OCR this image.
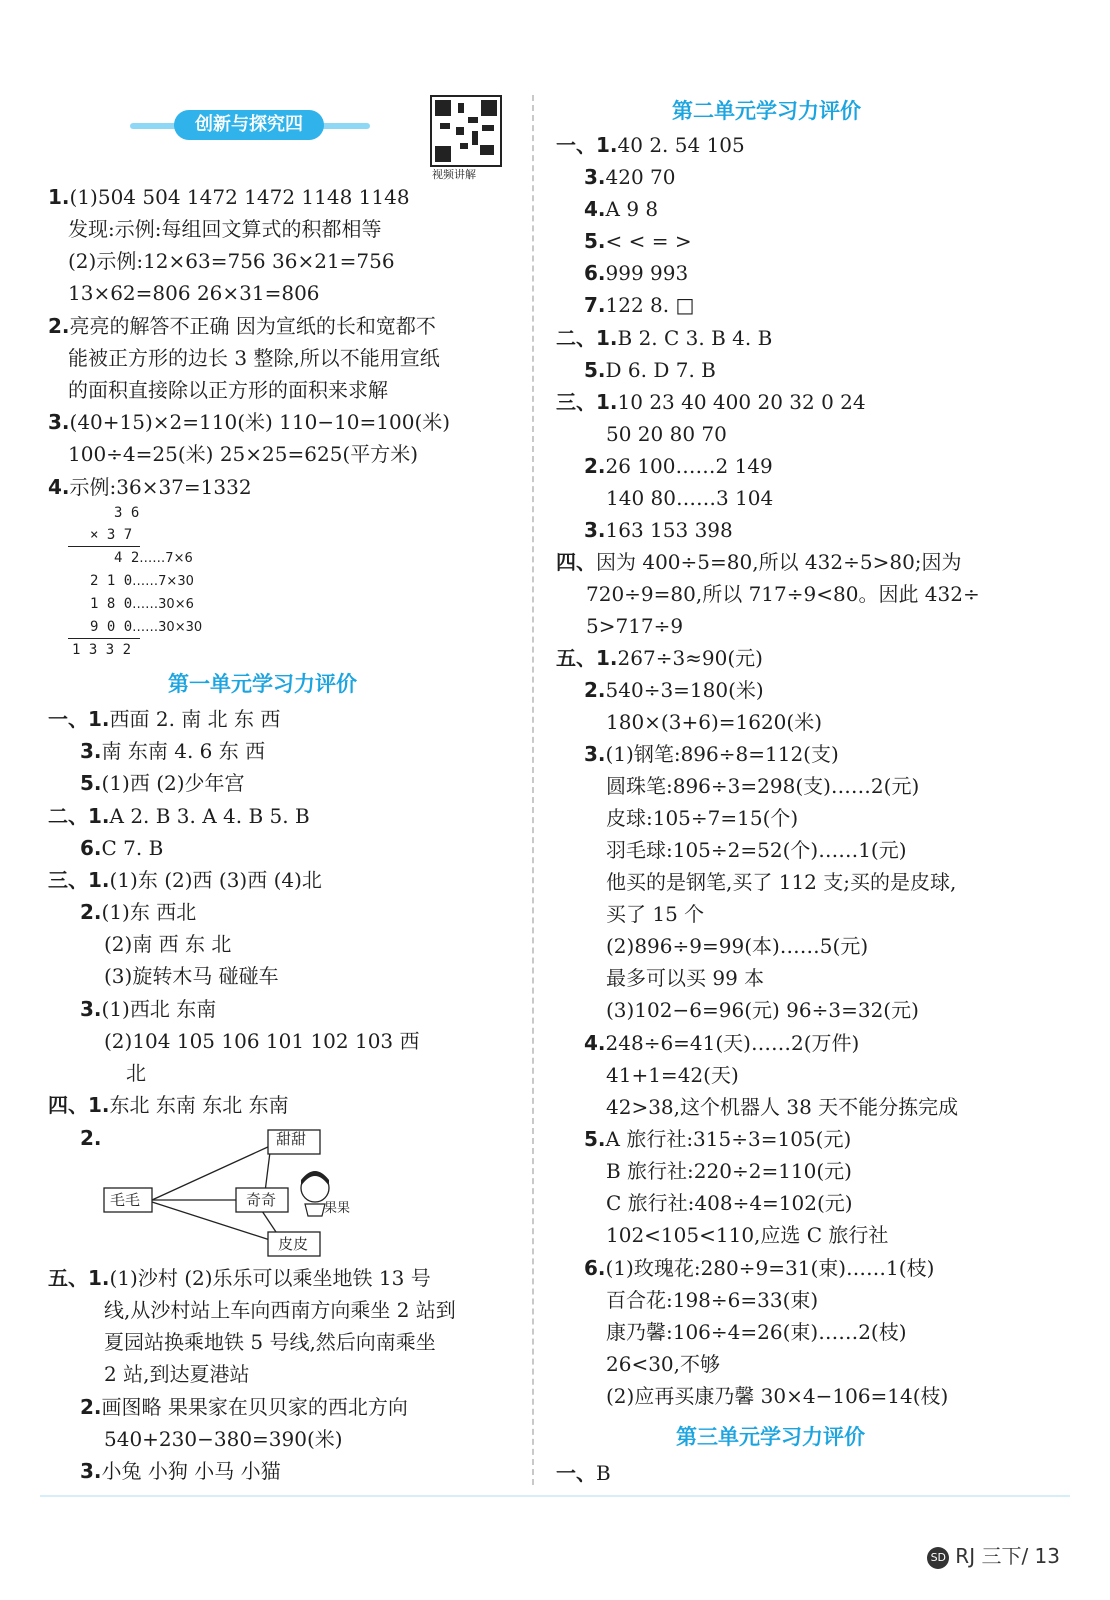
创新与探究四
视频讲解
1.(1)504 504 1472 1472 1148 1148
发现:示例:每组回文算式的积都相等
(2)示例:12×63=756 36×21=756
13×62=806 26×31=806
2.亮亮的解答不正确 因为宣纸的长和宽都不
能被正方形的边长 3 整除,所以不能用宣纸
的面积直接除以正方形的面积来求解
3.(40+15)×2=110(米) 110−10=100(米)
100÷4=25(米) 25×25=625(平方米)
4.示例:36×37=1332
3 6
× 3 7
4 2……7×6
2 1 0……7×30
1 8 0……30×6
9 0 0……30×30
1 3 3 2
第一单元学习力评价
一、1.西面 2. 南 北 东 西
3.南 东南 4. 6 东 西
5.(1)西 (2)少年宫
二、1.A 2. B 3. A 4. B 5. B
6.C 7. B
三、1.(1)东 (2)西 (3)西 (4)北
2.(1)东 西北
(2)南 西 东 北
(3)旋转木马 碰碰车
3.(1)西北 东南
(2)104 105 106 101 102 103 西
北
四、1.东北 东南 东北 东南
2.	甜甜
毛毛	奇奇
皮皮
果果
五、1.(1)沙村 (2)乐乐可以乘坐地铁 13 号
线,从沙村站上车向西南方向乘坐 2 站到
夏园站换乘地铁 5 号线,然后向南乘坐
2 站,到达夏港站
2.画图略 果果家在贝贝家的西北方向
540+230−380=390(米)
3.小兔 小狗 小马 小猫
第二单元学习力评价
一、1.40 2. 54 105
3.420 70
4.A 9 8
5.< < = >
6.999 993
7.122 8. □
二、1.B 2. C 3. B 4. B
5.D 6. D 7. B
三、1.10 23 40 400 20 32 0 24
50 20 80 70
2.26 100……2 149
140 80……3 104
3.163 153 398
四、因为 400÷5=80,所以 432÷5>80;因为
720÷9=80,所以 717÷9<80。因此 432÷
5>717÷9
五、1.267÷3≈90(元)
2.540÷3=180(米)
180×(3+6)=1620(米)
3.(1)钢笔:896÷8=112(支)
圆珠笔:896÷3=298(支)……2(元)
皮球:105÷7=15(个)
羽毛球:105÷2=52(个)……1(元)
他买的是钢笔,买了 112 支;买的是皮球,
买了 15 个
(2)896÷9=99(本)……5(元)
最多可以买 99 本
(3)102−6=96(元) 96÷3=32(元)
4.248÷6=41(天)……2(万件)
41+1=42(天)
42>38,这个机器人 38 天不能分拣完成
5.A 旅行社:315÷3=105(元)
B 旅行社:220÷2=110(元)
C 旅行社:408÷4=102(元)
102<105<110,应选 C 旅行社
6.(1)玫瑰花:280÷9=31(束)……1(枝)
百合花:198÷6=33(束)
康乃馨:106÷4=26(束)……2(枝)
26<30,不够
(2)应再买康乃馨 30×4−106=14(枝)
第三单元学习力评价
一、B
SD RJ 三下/ 13
